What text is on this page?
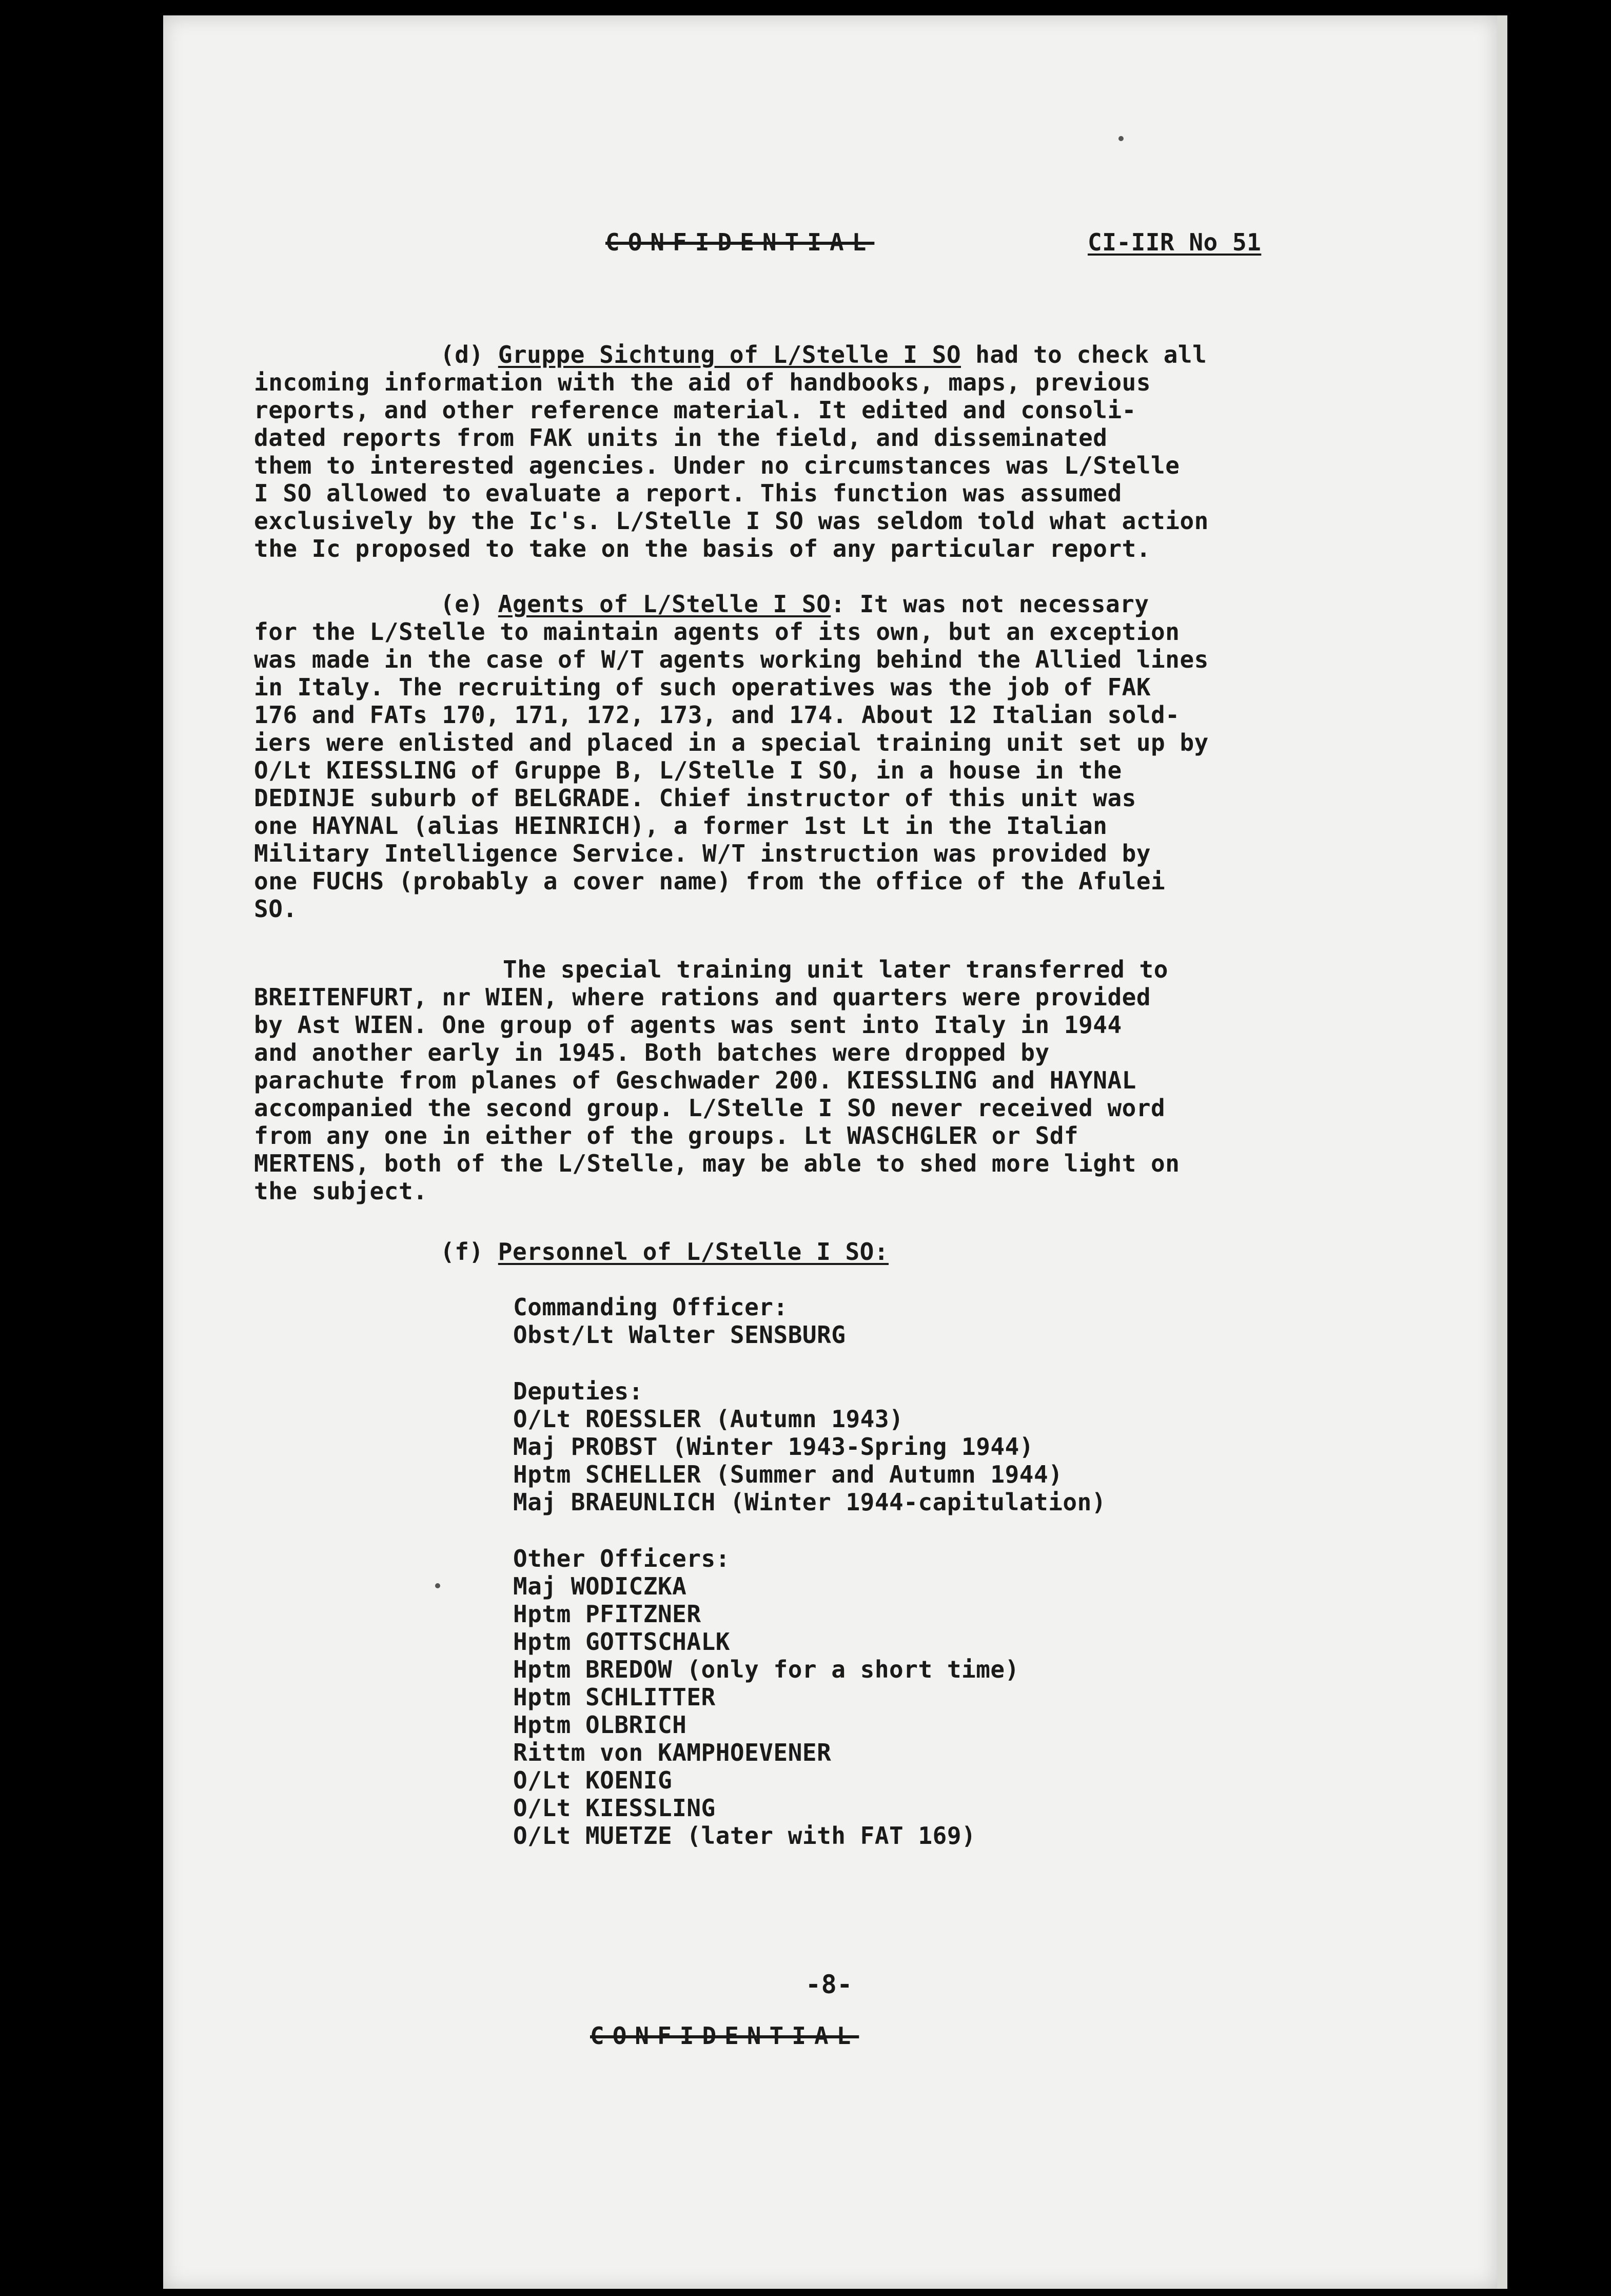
CONFIDENTIAL	CI-IIR No 51
(d) Gruppe Sichtung of L/Stelle I SO had to check all
incoming information with the aid of handbooks, maps, previous
reports, and other reference material. It edited and consoli-
dated reports from FAK units in the field, and disseminated
them to interested agencies. Under no circumstances was L/Stelle
I SO allowed to evaluate a report. This function was assumed
exclusively by the Ic's. L/Stelle I SO was seldom told what action
the Ic proposed to take on the basis of any particular report.
(e) Agents of L/Stelle I SO: It was not necessary
for the L/Stelle to maintain agents of its own, but an exception
was made in the case of W/T agents working behind the Allied lines
in Italy. The recruiting of such operatives was the job of FAK
176 and FATs 170, 171, 172, 173, and 174. About 12 Italian sold-
iers were enlisted and placed in a special training unit set up by
O/Lt KIESSLING of Gruppe B, L/Stelle I SO, in a house in the
DEDINJE suburb of BELGRADE. Chief instructor of this unit was
one HAYNAL (alias HEINRICH), a former 1st Lt in the Italian
Military Intelligence Service. W/T instruction was provided by
one FUCHS (probably a cover name) from the office of the Afulei
SO.
The special training unit later transferred to
BREITENFURT, nr WIEN, where rations and quarters were provided
by Ast WIEN. One group of agents was sent into Italy in 1944
and another early in 1945. Both batches were dropped by
parachute from planes of Geschwader 200. KIESSLING and HAYNAL
accompanied the second group. L/Stelle I SO never received word
from any one in either of the groups. Lt WASCHGLER or Sdf
MERTENS, both of the L/Stelle, may be able to shed more light on
the subject.
(f) Personnel of L/Stelle I SO:
Commanding Officer:
Obst/Lt Walter SENSBURG
Deputies:
O/Lt ROESSLER (Autumn 1943)
Maj PROBST (Winter 1943-Spring 1944)
Hptm SCHELLER (Summer and Autumn 1944)
Maj BRAEUNLICH (Winter 1944-capitulation)
Other Officers:
Maj WODICZKA
Hptm PFITZNER
Hptm GOTTSCHALK
Hptm BREDOW (only for a short time)
Hptm SCHLITTER
Hptm OLBRICH
Rittm von KAMPHOEVENER
O/Lt KOENIG
O/Lt KIESSLING
O/Lt MUETZE (later with FAT 169)
-8-
CONFIDENTIAL
